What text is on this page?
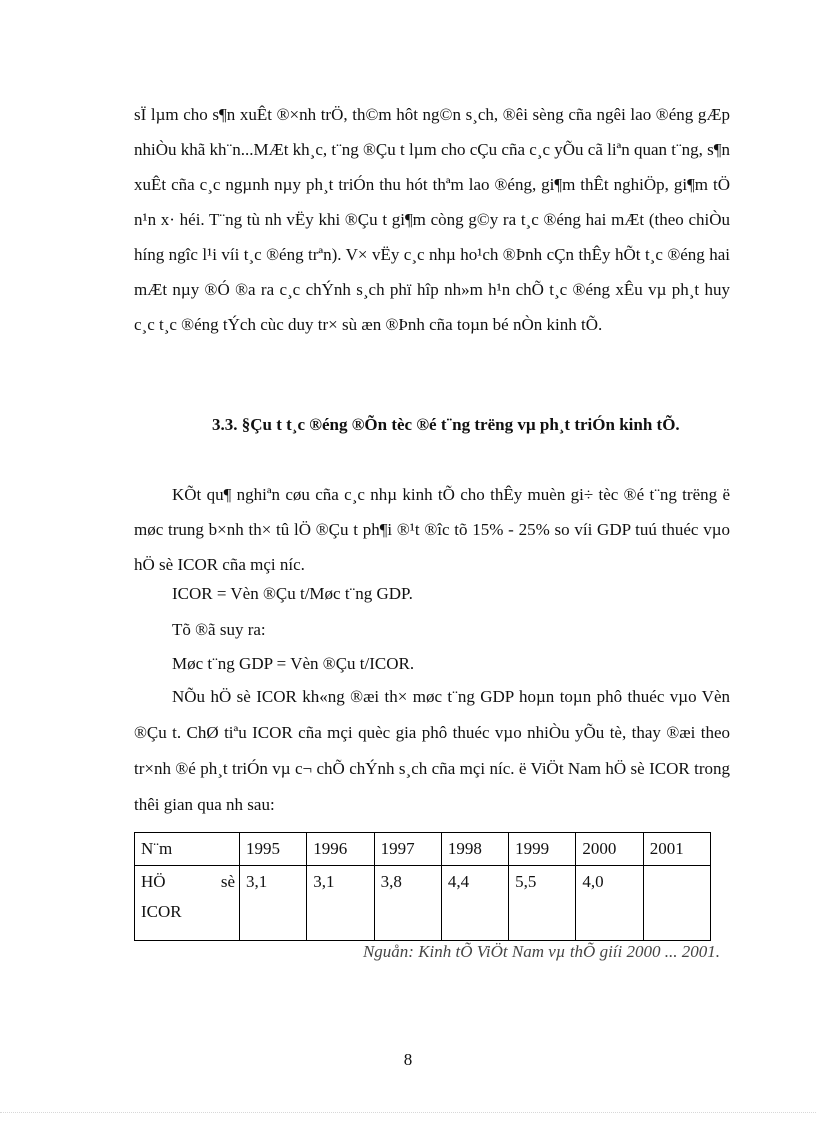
sÏ lµm cho s¶n xuÊt ®×nh trÖ, th©m hôt ng©n s¸ch, ®êi sèng cña ngêi lao ®éng gÆp nhiÒu khã kh¨n...MÆt kh¸c, t¨ng ®Çu t lµm cho cÇu cña c¸c yÕu cã liªn quan t¨ng, s¶n xuÊt cña c¸c ngµnh nµy ph¸t triÓn thu hót thªm lao ®éng, gi¶m thÊt nghiÖp, gi¶m tÖ n¹n x· héi. T¨ng tù nh vËy khi ®Çu t gi¶m còng g©y ra t¸c ®éng hai mÆt (theo chiÒu híng ngîc l¹i víi t¸c ®éng trªn). V× vËy c¸c nhµ ho¹ch ®Þnh cÇn thÊy hÕt t¸c ®éng hai mÆt nµy ®Ó ®a ra c¸c chÝnh s¸ch phï hîp nh»m h¹n chÕ t¸c ®éng xÊu vµ ph¸t huy c¸c t¸c ®éng tÝch cùc duy tr× sù æn ®Þnh cña toµn bé nÒn kinh tÕ.

3.3. §Çu t t¸c ®éng ®Õn tèc ®é t¨ng trëng vµ ph¸t triÓn kinh tÕ.

KÕt qu¶ nghiªn cøu cña c¸c nhµ kinh tÕ cho thÊy muèn gi÷ tèc ®é t¨ng trëng ë møc trung b×nh th× tû lÖ ®Çu t ph¶i ®¹t ®îc tõ 15% - 25% so víi GDP tuú thuéc vµo hÖ sè ICOR cña mçi níc.

ICOR = Vèn ®Çu t/Møc t¨ng GDP.
Tõ ®ã suy ra:
Møc t¨ng GDP = Vèn ®Çu t/ICOR.

NÕu hÖ sè ICOR kh«ng ®æi th× møc t¨ng GDP hoµn toµn phô thuéc vµo Vèn ®Çu t. ChØ tiªu ICOR cña mçi quèc gia phô thuéc vµo nhiÒu yÕu tè, thay ®æi theo tr×nh ®é ph¸t triÓn vµ c¬ chÕ chÝnh s¸ch cña mçi níc. ë ViÖt Nam hÖ sè ICOR trong thêi gian qua nh sau:

N¨m	1995	1996	1997	1998	1999	2000	2001

HÖ sè
ICOR	3,1	3,1	3,8	4,4	5,5	4,0	
Nguån: Kinh tÕ ViÖt Nam vµ thÕ giíi 2000 ... 2001.
8
